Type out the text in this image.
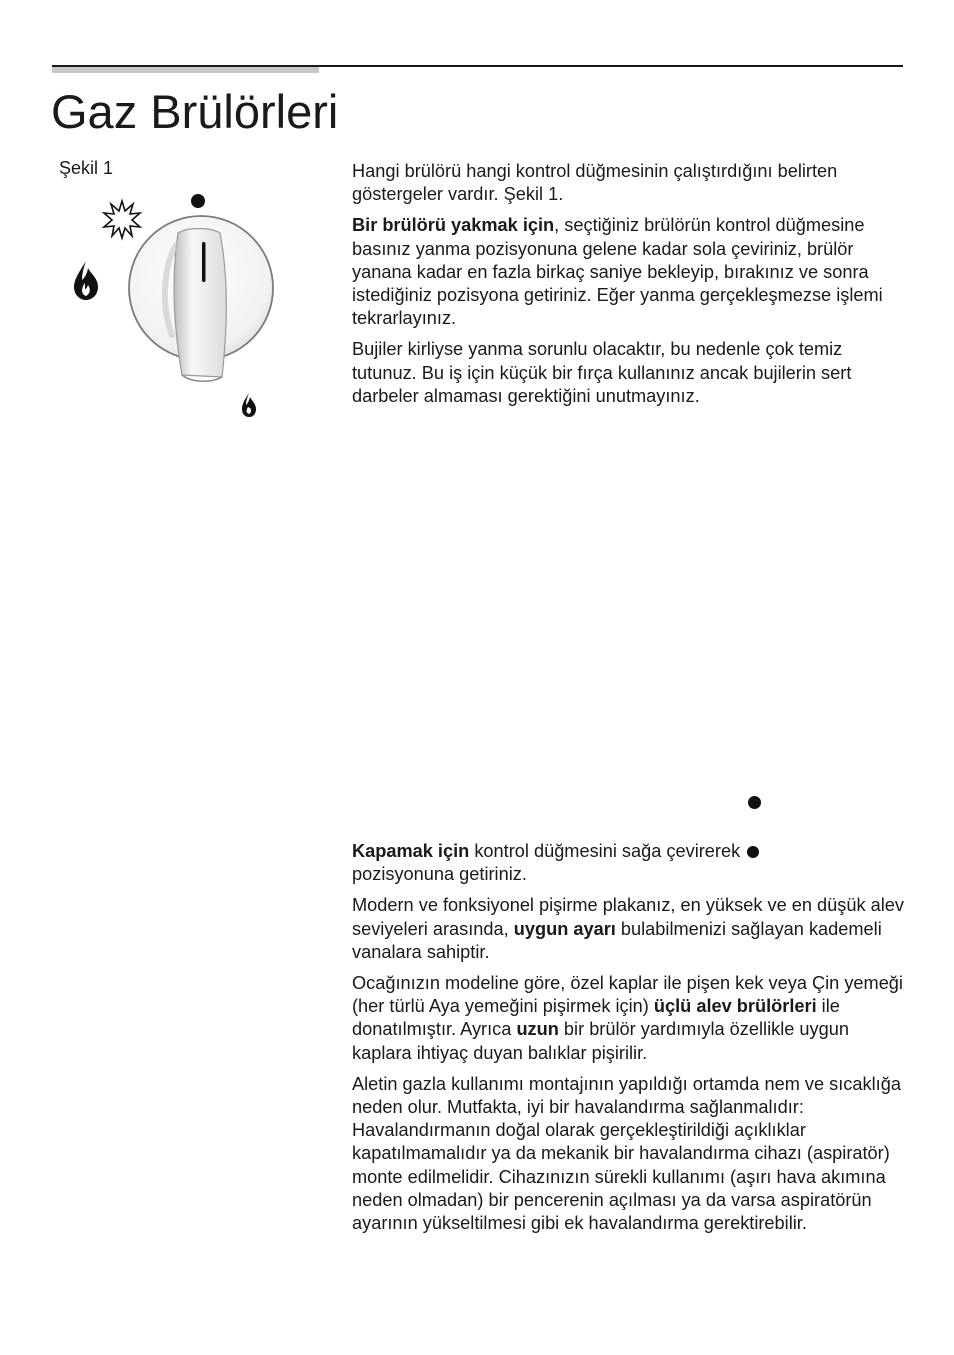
Gaz Brülörleri
Şekil 1	Hangi brülörü hangi kontrol düğmesinin çalıştırdığını belirten göstergeler vardır. Şekil 1.

Bir brülörü yakmak için, seçtiğiniz brülörün kontrol düğmesine basınız yanma pozisyonuna gelene kadar sola çeviriniz, brülör yanana kadar en fazla birkaç saniye bekleyip, bırakınız ve sonra istediğiniz pozisyona getiriniz. Eğer yanma gerçekleşmezse işlemi tekrarlayınız.

Bujiler kirliyse yanma sorunlu olacaktır, bu nedenle çok temiz tutunuz. Bu iş için küçük bir fırça kullanınız ancak bujilerin sert darbeler almaması gerektiğini unutmayınız.

Kapamak için kontrol düğmesini sağa çevirerek
pozisyonuna getiriniz.

Modern ve fonksiyonel pişirme plakanız, en yüksek ve en düşük alev seviyeleri arasında, uygun ayarı bulabilmenizi sağlayan kademeli vanalara sahiptir.

Ocağınızın modeline göre, özel kaplar ile pişen kek veya Çin yemeği (her türlü Aya yemeğini pişirmek için) üçlü alev brülörleri ile donatılmıştır. Ayrıca uzun bir brülör yardımıyla özellikle uygun kaplara ihtiyaç duyan balıklar pişirilir.

Aletin gazla kullanımı montajının yapıldığı ortamda nem ve sıcaklığa neden olur. Mutfakta, iyi bir havalandırma sağlanmalıdır: Havalandırmanın doğal olarak gerçekleştirildiği açıklıklar kapatılmamalıdır ya da mekanik bir havalandırma cihazı (aspiratör) monte edilmelidir. Cihazınızın sürekli kullanımı (aşırı hava akımına neden olmadan) bir pencerenin açılması ya da varsa aspiratörün ayarının yükseltilmesi gibi ek havalandırma gerektirebilir.
